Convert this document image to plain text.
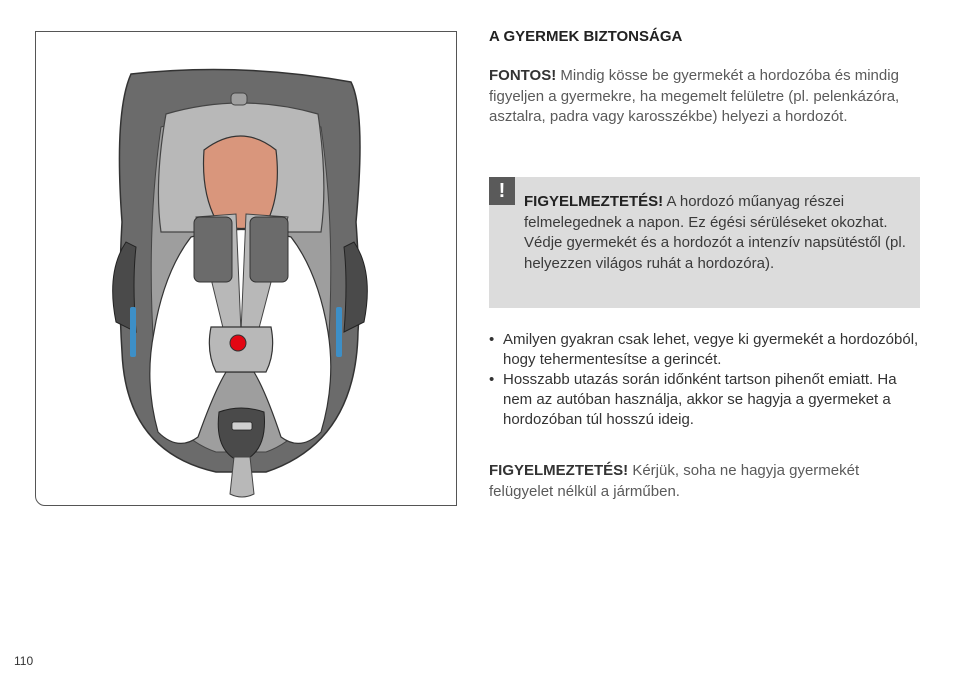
A GYERMEK BIZTONSÁGA
FONTOS! Mindig kösse be gyermekét a hordozóba és mindig figyeljen a gyermekre, ha megemelt felületre (pl. pelenkázóra, asztalra, padra vagy karosszékbe) helyezi a hordozót.
!	FIGYELMEZTETÉS! A hordozó műanyag részei felmelegednek a napon. Ez égési sérüléseket okozhat. Védje gyermekét és a hordozót a intenzív napsütéstől (pl. helyezzen világos ruhát a hordozóra).
• Amilyen gyakran csak lehet, vegye ki gyermekét a hordozóból, hogy tehermentesítse a gerincét.
• Hosszabb utazás során időnként tartson pihenőt emiatt. Ha nem az autóban használja, akkor se hagyja a gyermeket a hordozóban túl hosszú ideig.
FIGYELMEZTETÉS! Kérjük, soha ne hagyja gyermekét felügyelet nélkül a járműben.
110
